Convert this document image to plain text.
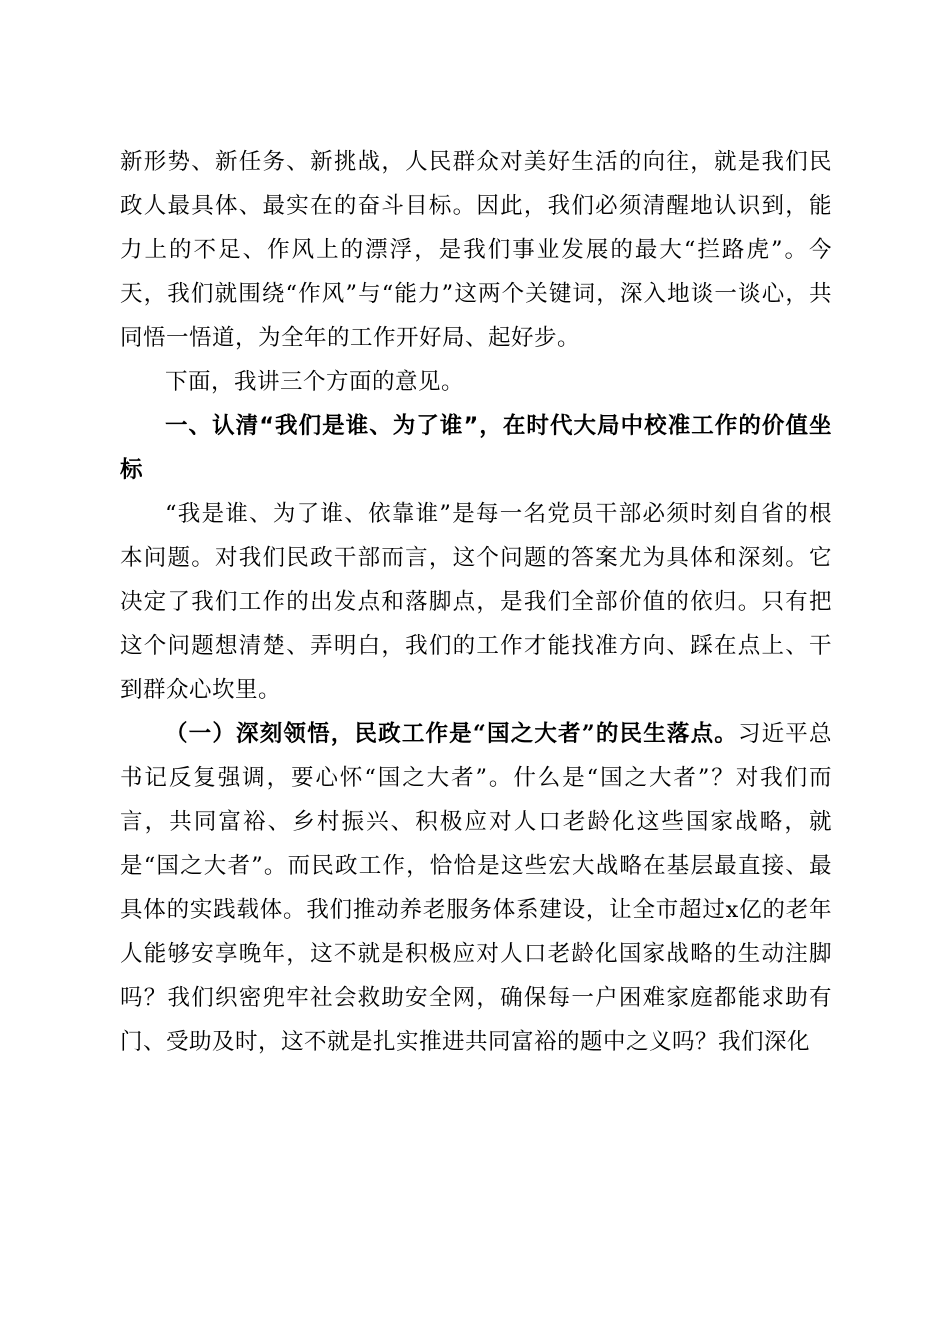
新形势、新任务、新挑战，人民群众对美好生活的向往，就是我们民政人最具体、最实在的奋斗目标。因此，我们必须清醒地认识到，能力上的不足、作风上的漂浮，是我们事业发展的最大“拦路虎”。今天，我们就围绕“作风”与“能力”这两个关键词，深入地谈一谈心，共同悟一悟道，为全年的工作开好局、起好步。

下面，我讲三个方面的意见。

一、认清“我们是谁、为了谁”，在时代大局中校准工作的价值坐标

“我是谁、为了谁、依靠谁”是每一名党员干部必须时刻自省的根本问题。对我们民政干部而言，这个问题的答案尤为具体和深刻。它决定了我们工作的出发点和落脚点，是我们全部价值的依归。只有把这个问题想清楚、弄明白，我们的工作才能找准方向、踩在点上、干到群众心坎里。

（一）深刻领悟，民政工作是“国之大者”的民生落点。习近平总书记反复强调，要心怀“国之大者”。什么是“国之大者”？对我们而言，共同富裕、乡村振兴、积极应对人口老龄化这些国家战略，就是“国之大者”。而民政工作，恰恰是这些宏大战略在基层最直接、最具体的实践载体。我们推动养老服务体系建设，让全市超过x亿的老年人能够安享晚年，这不就是积极应对人口老龄化国家战略的生动注脚吗？我们织密兜牢社会救助安全网，确保每一户困难家庭都能求助有门、受助及时，这不就是扎实推进共同富裕的题中之义吗？我们深化
